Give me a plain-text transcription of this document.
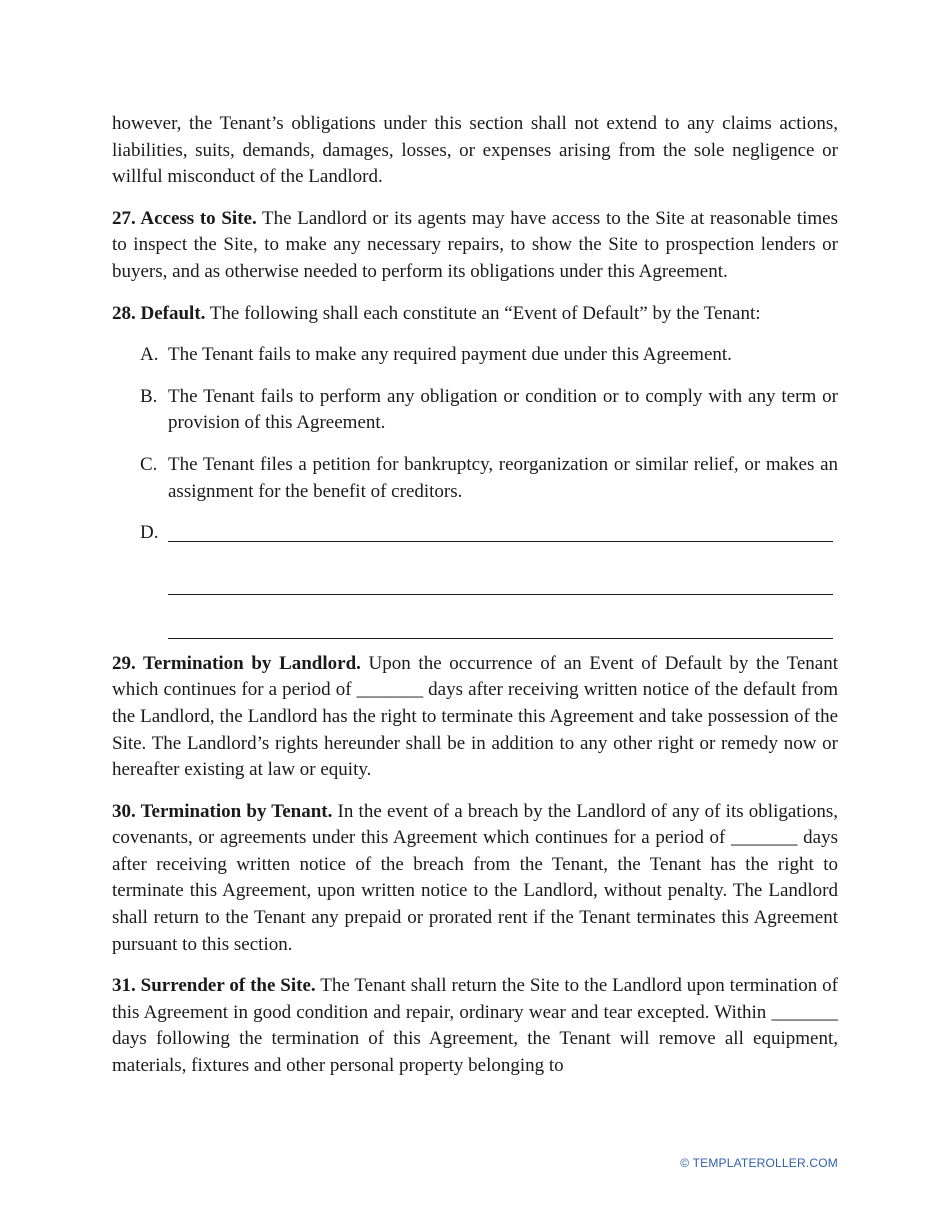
however, the Tenant’s obligations under this section shall not extend to any claims actions, liabilities, suits, demands, damages, losses, or expenses arising from the sole negligence or willful misconduct of the Landlord.

27. Access to Site. The Landlord or its agents may have access to the Site at reasonable times to inspect the Site, to make any necessary repairs, to show the Site to prospection lenders or buyers, and as otherwise needed to perform its obligations under this Agreement.

28. Default. The following shall each constitute an “Event of Default” by the Tenant:

A. The Tenant fails to make any required payment due under this Agreement.
B. The Tenant fails to perform any obligation or condition or to comply with any term or provision of this Agreement.
C. The Tenant files a petition for bankruptcy, reorganization or similar relief, or makes an assignment for the benefit of creditors.
D.

29. Termination by Landlord. Upon the occurrence of an Event of Default by the Tenant which continues for a period of _______ days after receiving written notice of the default from the Landlord, the Landlord has the right to terminate this Agreement and take possession of the Site. The Landlord’s rights hereunder shall be in addition to any other right or remedy now or hereafter existing at law or equity.

30. Termination by Tenant. In the event of a breach by the Landlord of any of its obligations, covenants, or agreements under this Agreement which continues for a period of _______ days after receiving written notice of the breach from the Tenant, the Tenant has the right to terminate this Agreement, upon written notice to the Landlord, without penalty. The Landlord shall return to the Tenant any prepaid or prorated rent if the Tenant terminates this Agreement pursuant to this section.

31. Surrender of the Site. The Tenant shall return the Site to the Landlord upon termination of this Agreement in good condition and repair, ordinary wear and tear excepted. Within _______ days following the termination of this Agreement, the Tenant will remove all equipment, materials, fixtures and other personal property belonging to

© TEMPLATEROLLER.COM
